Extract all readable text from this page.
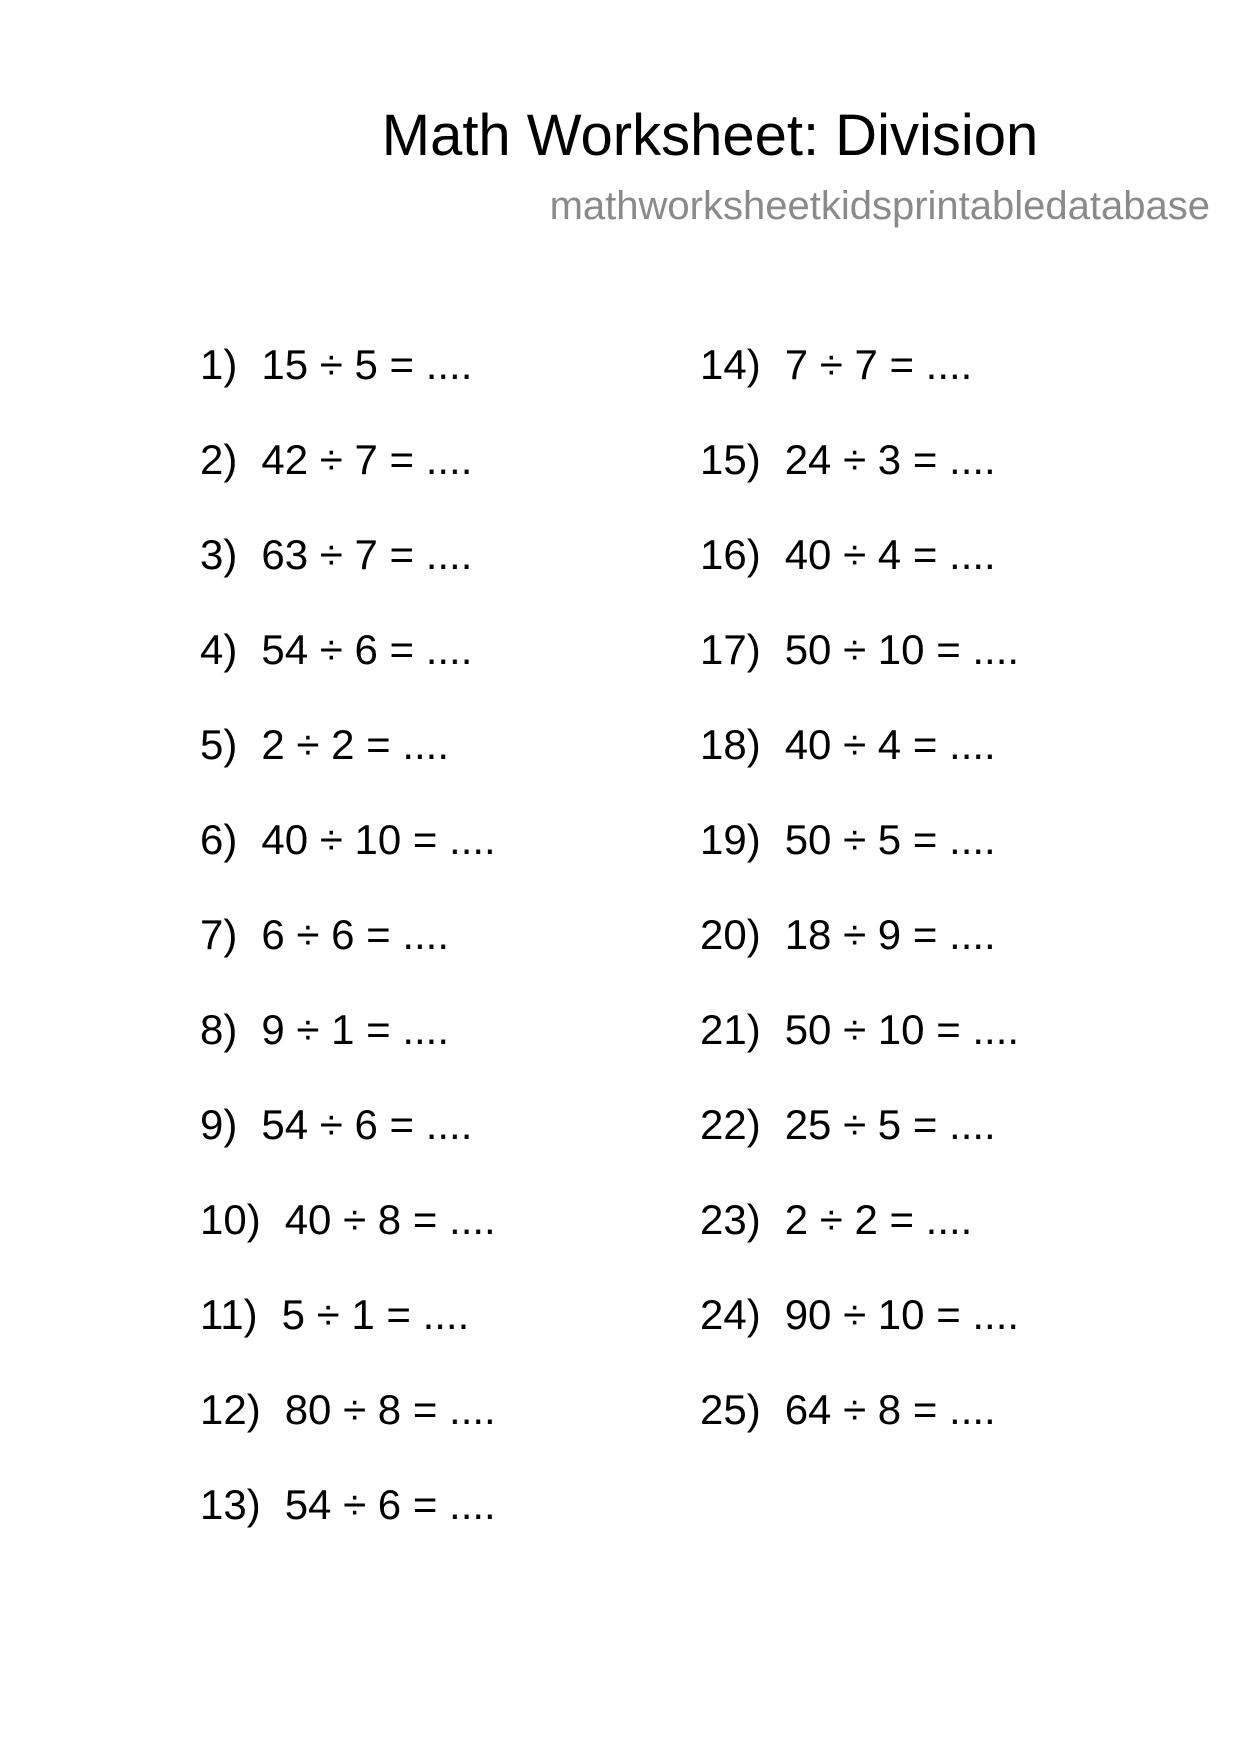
Math Worksheet: Division
mathworksheetkidsprintabledatabase
1) 15 ÷ 5 = ....
2) 42 ÷ 7 = ....
3) 63 ÷ 7 = ....
4) 54 ÷ 6 = ....
5) 2 ÷ 2 = ....
6) 40 ÷ 10 = ....
7) 6 ÷ 6 = ....
8) 9 ÷ 1 = ....
9) 54 ÷ 6 = ....
10) 40 ÷ 8 = ....
11) 5 ÷ 1 = ....
12) 80 ÷ 8 = ....
13) 54 ÷ 6 = ....
14) 7 ÷ 7 = ....
15) 24 ÷ 3 = ....
16) 40 ÷ 4 = ....
17) 50 ÷ 10 = ....
18) 40 ÷ 4 = ....
19) 50 ÷ 5 = ....
20) 18 ÷ 9 = ....
21) 50 ÷ 10 = ....
22) 25 ÷ 5 = ....
23) 2 ÷ 2 = ....
24) 90 ÷ 10 = ....
25) 64 ÷ 8 = ....
